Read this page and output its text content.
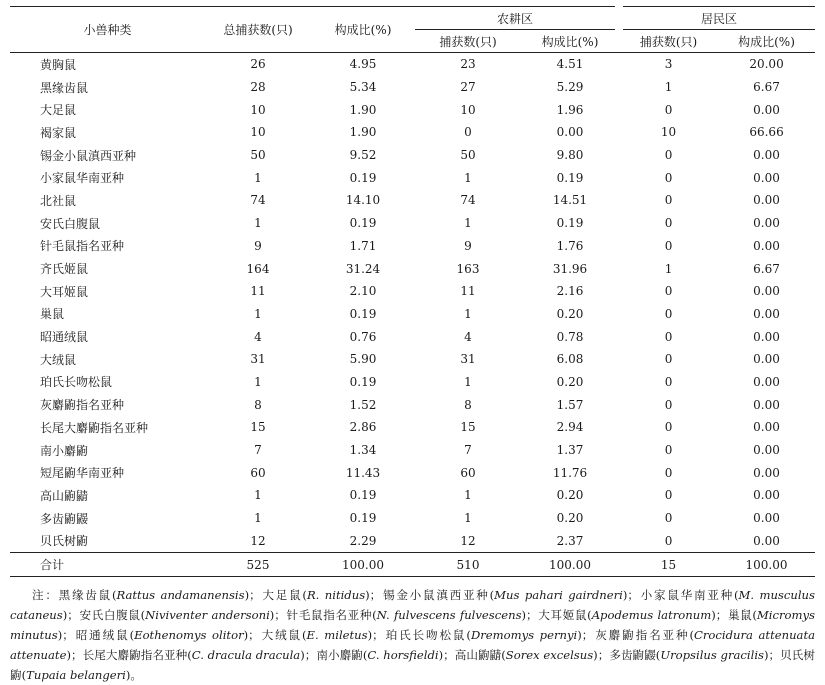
小兽种类	总捕获数(只)	构成比(%)	农耕区		居民区	
			捕获数(只)	构成比(%)	捕获数(只)	构成比(%)
黄胸鼠	26	4.95	23	4.51	3	20.00
黑缘齿鼠	28	5.34	27	5.29	1	6.67
大足鼠	10	1.90	10	1.96	0	0.00
褐家鼠	10	1.90	0	0.00	10	66.66
锡金小鼠滇西亚种	50	9.52	50	9.80	0	0.00
小家鼠华南亚种	1	0.19	1	0.19	0	0.00
北社鼠	74	14.10	74	14.51	0	0.00
安氏白腹鼠	1	0.19	1	0.19	0	0.00
针毛鼠指名亚种	9	1.71	9	1.76	0	0.00
齐氏姬鼠	164	31.24	163	31.96	1	6.67
大耳姬鼠	11	2.10	11	2.16	0	0.00
巢鼠	1	0.19	1	0.20	0	0.00
昭通绒鼠	4	0.76	4	0.78	0	0.00
大绒鼠	31	5.90	31	6.08	0	0.00
珀氏长吻松鼠	1	0.19	1	0.20	0	0.00
灰麝鼩指名亚种	8	1.52	8	1.57	0	0.00
长尾大麝鼩指名亚种	15	2.86	15	2.94	0	0.00
南小麝鼩	7	1.34	7	1.37	0	0.00
短尾鼩华南亚种	60	11.43	60	11.76	0	0.00
高山鼩鼱	1	0.19	1	0.20	0	0.00
多齿鼩鼹	1	0.19	1	0.20	0	0.00
贝氏树鼩	12	2.29	12	2.37	0	0.00
合计	525	100.00	510	100.00	15	100.00
注：黑缘齿鼠(Rattus andamanensis)；大足鼠(R. nitidus)；锡金小鼠滇西亚种(Mus pahari gairdneri)；小家鼠华南亚种(M. musculus cataneus)；安氏白腹鼠(Niviventer andersoni)；针毛鼠指名亚种(N. fulvescens fulvescens)；大耳姬鼠(Apodemus latronum)；巢鼠(Micromys minutus)；昭通绒鼠(Eothenomys olitor)；大绒鼠(E. miletus)；珀氏长吻松鼠(Dremomys pernyi)；灰麝鼩指名亚种(Crocidura attenuata attenuate)；长尾大麝鼩指名亚种(C. dracula dracula)；南小麝鼩(C. horsfieldi)；高山鼩鼱(Sorex excelsus)；多齿鼩鼹(Uropsilus gracilis)；贝氏树鼩(Tupaia belangeri)。
